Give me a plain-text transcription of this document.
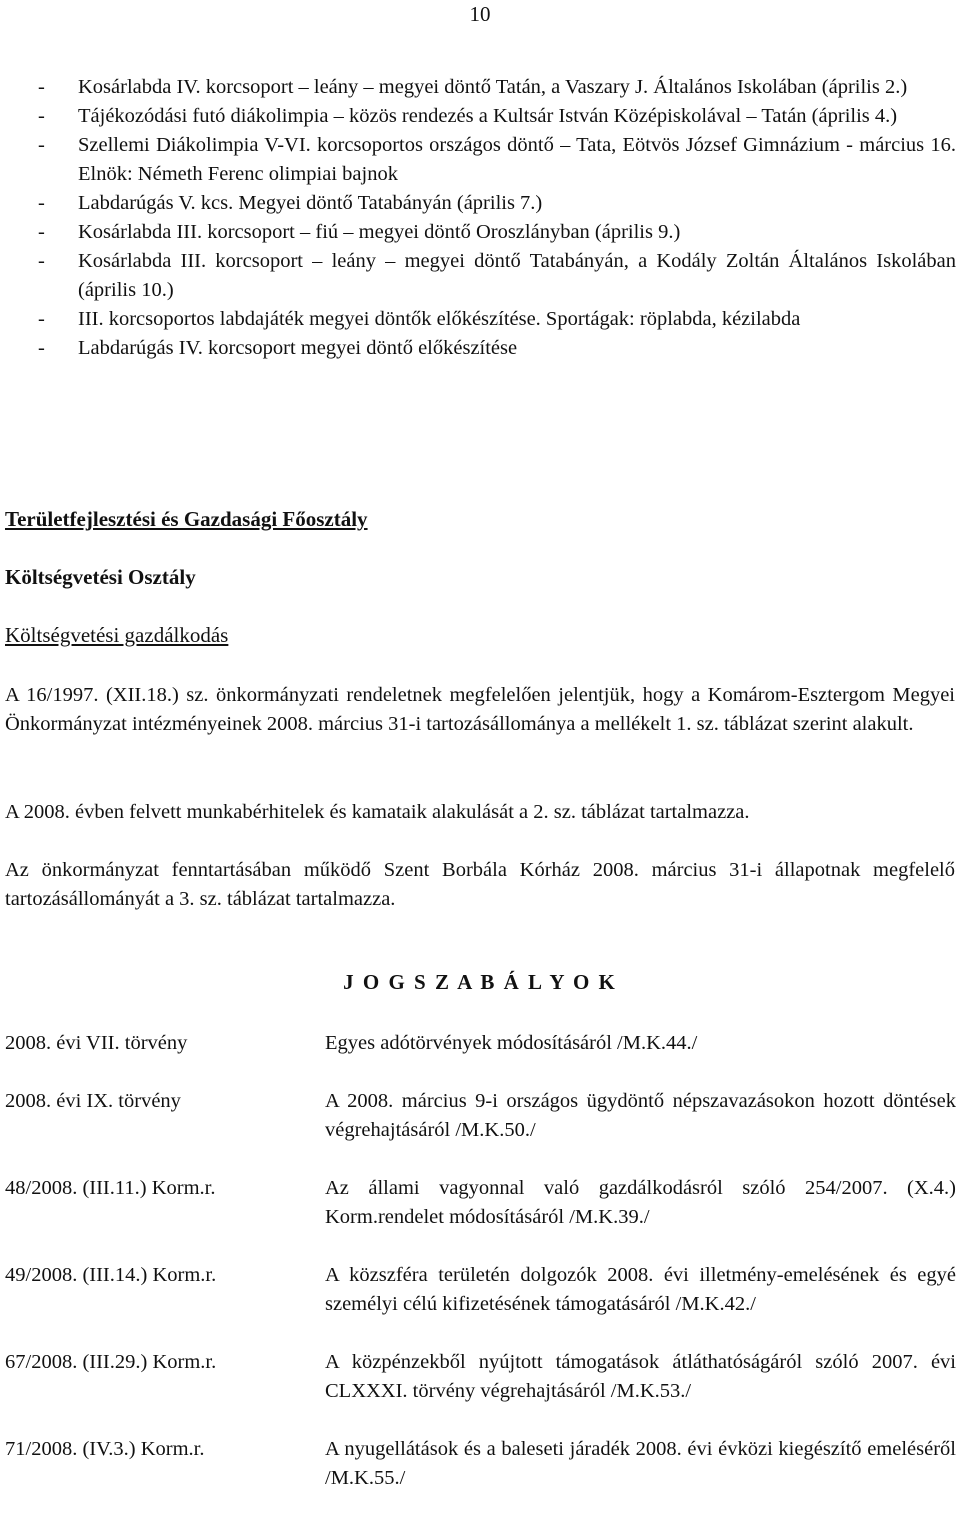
10
-	Kosárlabda IV. korcsoport – leány – megyei döntő Tatán, a Vaszary J. Általános Iskolában (április 2.)
-	Tájékozódási futó diákolimpia – közös rendezés a Kultsár István Középiskolával – Tatán (április 4.)
-	Szellemi Diákolimpia V-VI. korcsoportos országos döntő – Tata, Eötvös József Gimnázium - március 16. Elnök: Németh Ferenc olimpiai bajnok
-	Labdarúgás V. kcs. Megyei döntő Tatabányán (április 7.)
-	Kosárlabda III. korcsoport – fiú – megyei döntő Oroszlányban (április 9.)
-	Kosárlabda III. korcsoport – leány – megyei döntő Tatabányán, a Kodály Zoltán Általános Iskolában (április 10.)
-	III. korcsoportos labdajáték megyei döntők előkészítése. Sportágak: röplabda, kézilabda
-	Labdarúgás IV. korcsoport megyei döntő előkészítése
Területfejlesztési és Gazdasági Főosztály
Költségvetési Osztály
Költségvetési gazdálkodás
A 16/1997. (XII.18.) sz. önkormányzati rendeletnek megfelelően jelentjük, hogy a Komárom-Esztergom Megyei Önkormányzat intézményeinek 2008. március 31-i tartozásállománya a mellékelt 1. sz. táblázat szerint alakult.
A 2008. évben felvett munkabérhitelek és kamataik alakulását a 2. sz. táblázat tartalmazza.
Az önkormányzat fenntartásában működő Szent Borbála Kórház 2008. március 31-i állapotnak megfelelő tartozásállományát a 3. sz. táblázat tartalmazza.
J O G S Z A B Á L Y O K
2008. évi VII. törvény	Egyes adótörvények módosításáról /M.K.44./
2008. évi IX. törvény	A 2008. március 9-i országos ügydöntő népszavazásokon hozott döntések végrehajtásáról /M.K.50./
48/2008. (III.11.) Korm.r.	Az állami vagyonnal való gazdálkodásról szóló 254/2007. (X.4.) Korm.rendelet módosításáról /M.K.39./
49/2008. (III.14.) Korm.r.	A közszféra területén dolgozók 2008. évi illetmény-emelésének és egyé személyi célú kifizetésének támogatásáról /M.K.42./
67/2008. (III.29.) Korm.r.	A közpénzekből nyújtott támogatások átláthatóságáról szóló 2007. évi CLXXXI. törvény végrehajtásáról /M.K.53./
71/2008. (IV.3.) Korm.r.	A nyugellátások és a baleseti járadék 2008. évi évközi kiegészítő emeléséről /M.K.55./
